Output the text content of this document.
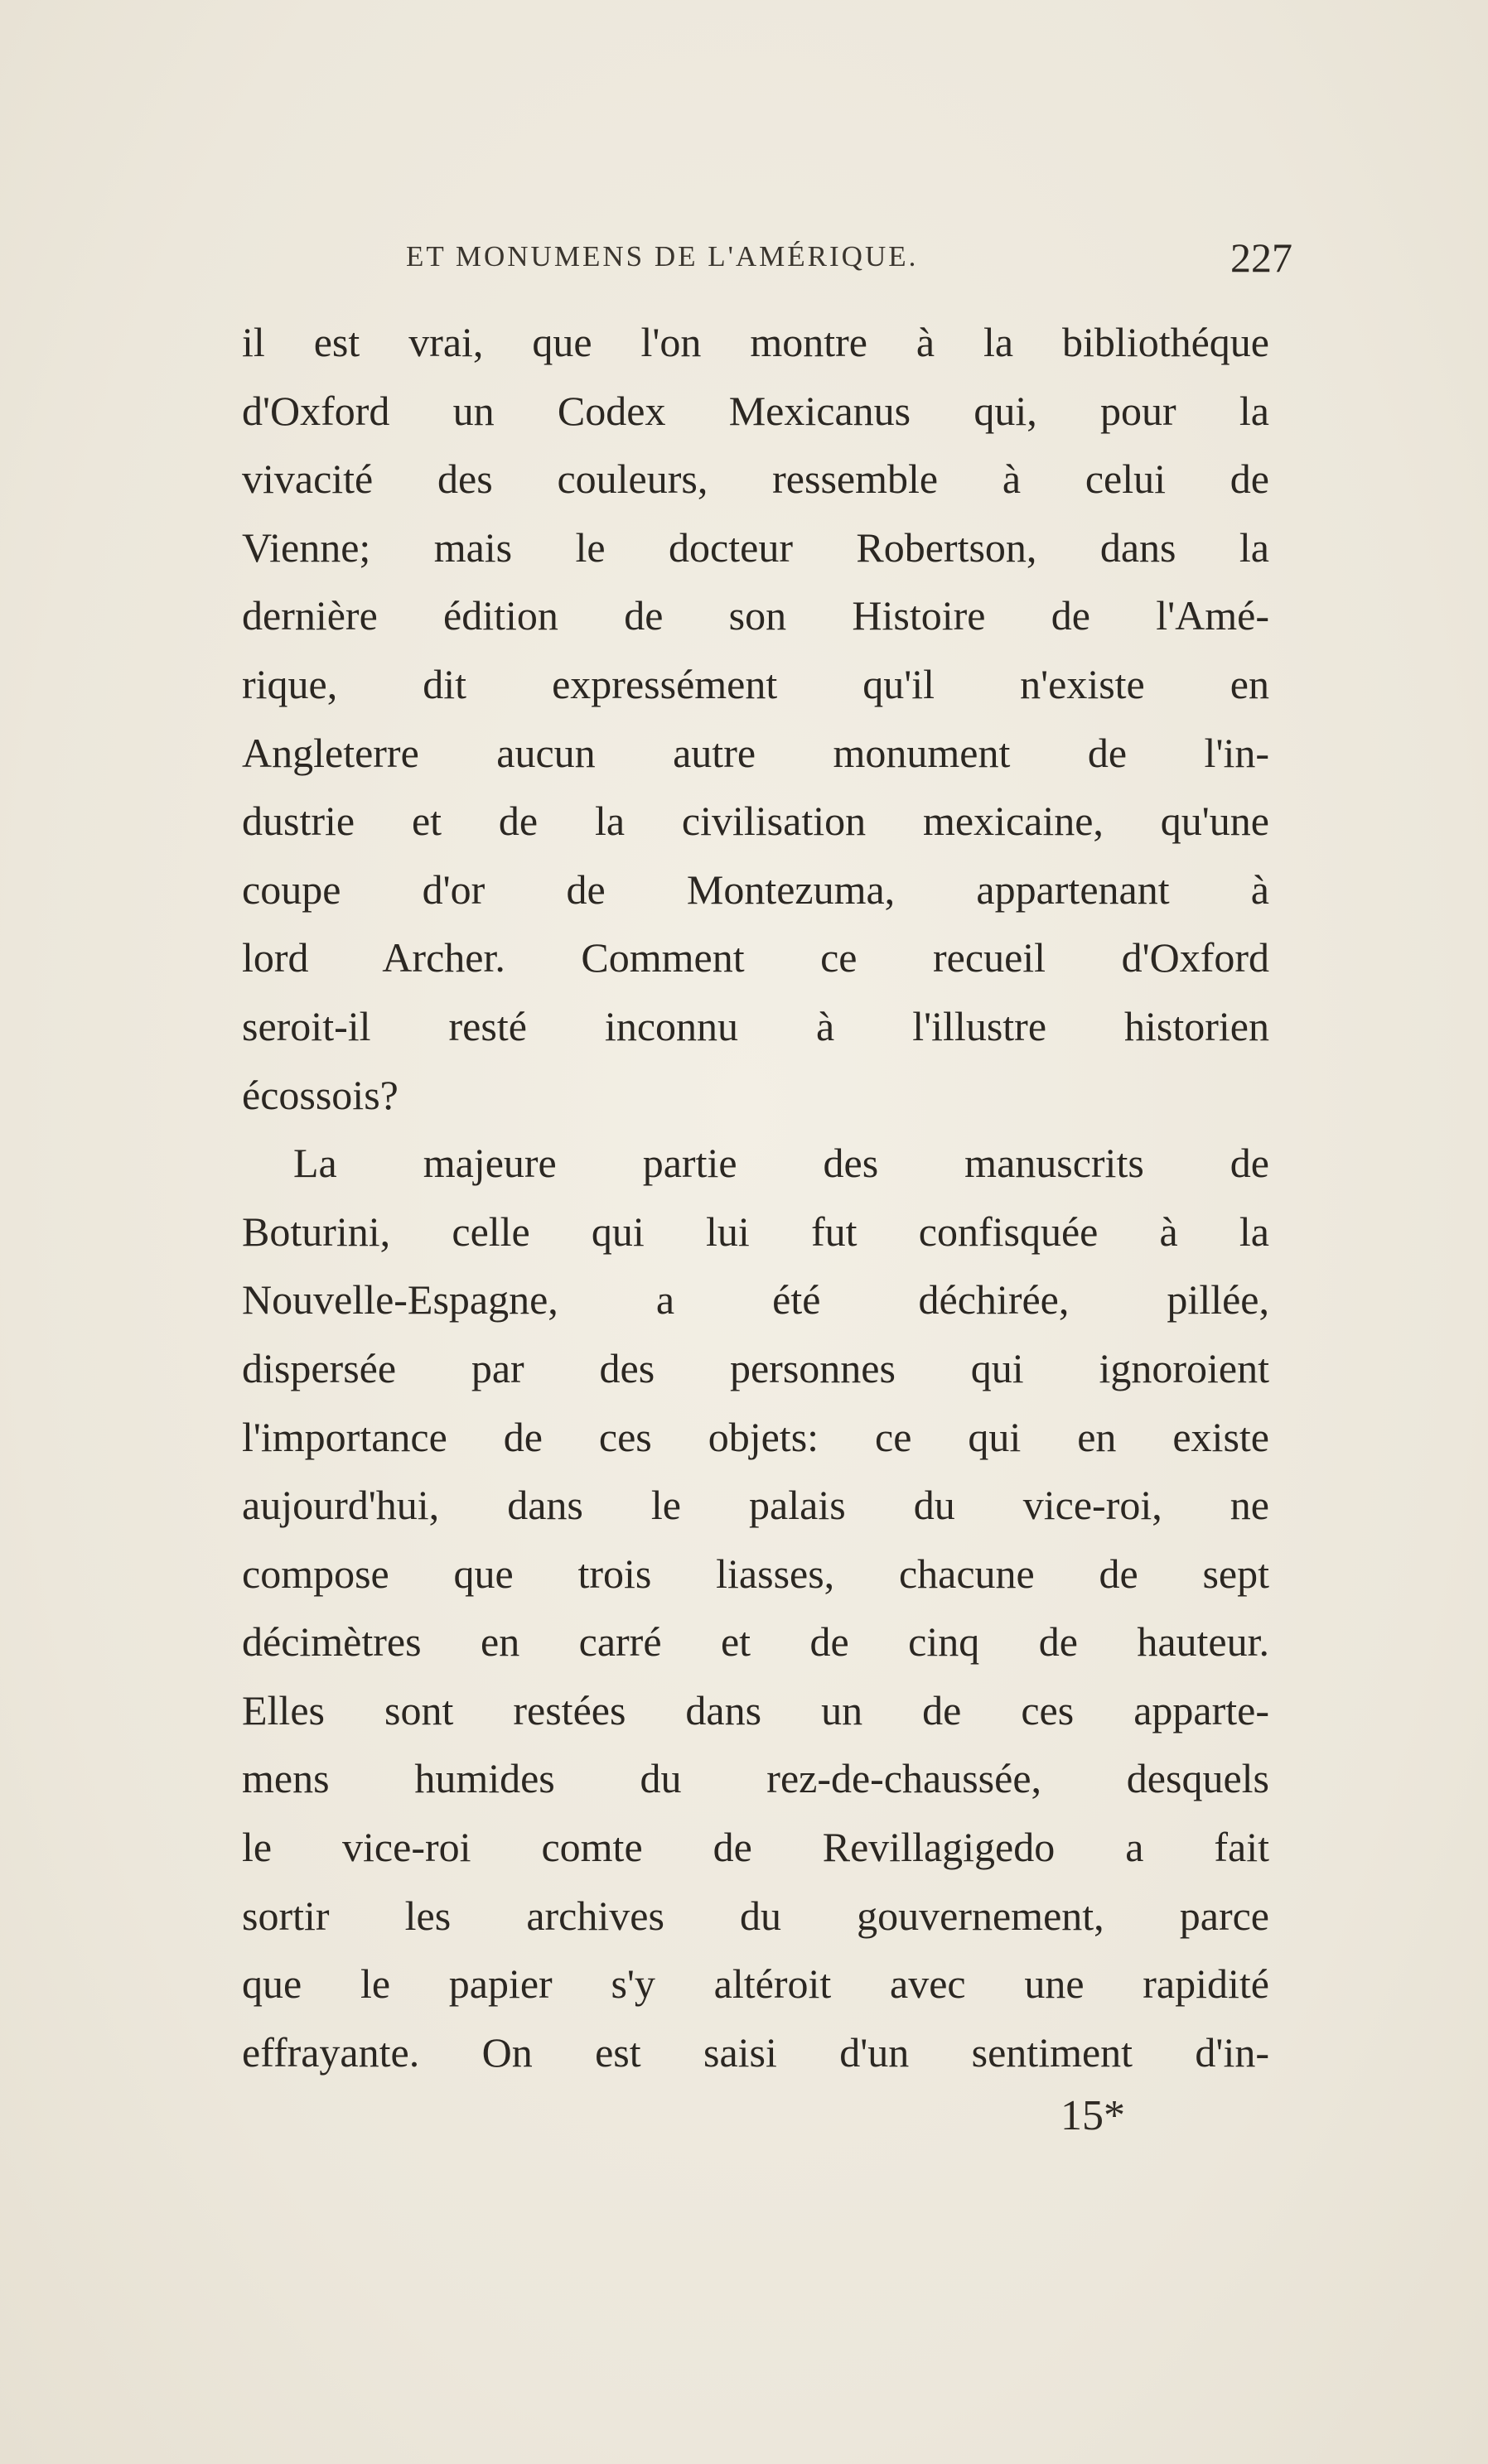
ET MONUMENS DE L'AMÉRIQUE.	227
il est vrai, que l'on montre à la bibliothéque
d'Oxford un Codex Mexicanus qui, pour la
vivacité des couleurs, ressemble à celui de
Vienne; mais le docteur Robertson, dans la
dernière édition de son Histoire de l'Amé-
rique, dit expressément qu'il n'existe en
Angleterre aucun autre monument de l'in-
dustrie et de la civilisation mexicaine, qu'une
coupe d'or de Montezuma, appartenant à
lord Archer. Comment ce recueil d'Oxford
seroit-il resté inconnu à l'illustre historien
écossois?
La majeure partie des manuscrits de
Boturini, celle qui lui fut confisquée à la
Nouvelle-Espagne, a été déchirée, pillée,
dispersée par des personnes qui ignoroient
l'importance de ces objets: ce qui en existe
aujourd'hui, dans le palais du vice-roi, ne
compose que trois liasses, chacune de sept
décimètres en carré et de cinq de hauteur.
Elles sont restées dans un de ces apparte-
mens humides du rez-de-chaussée, desquels
le vice-roi comte de Revillagigedo a fait
sortir les archives du gouvernement, parce
que le papier s'y altéroit avec une rapidité
effrayante. On est saisi d'un sentiment d'in-
15*
